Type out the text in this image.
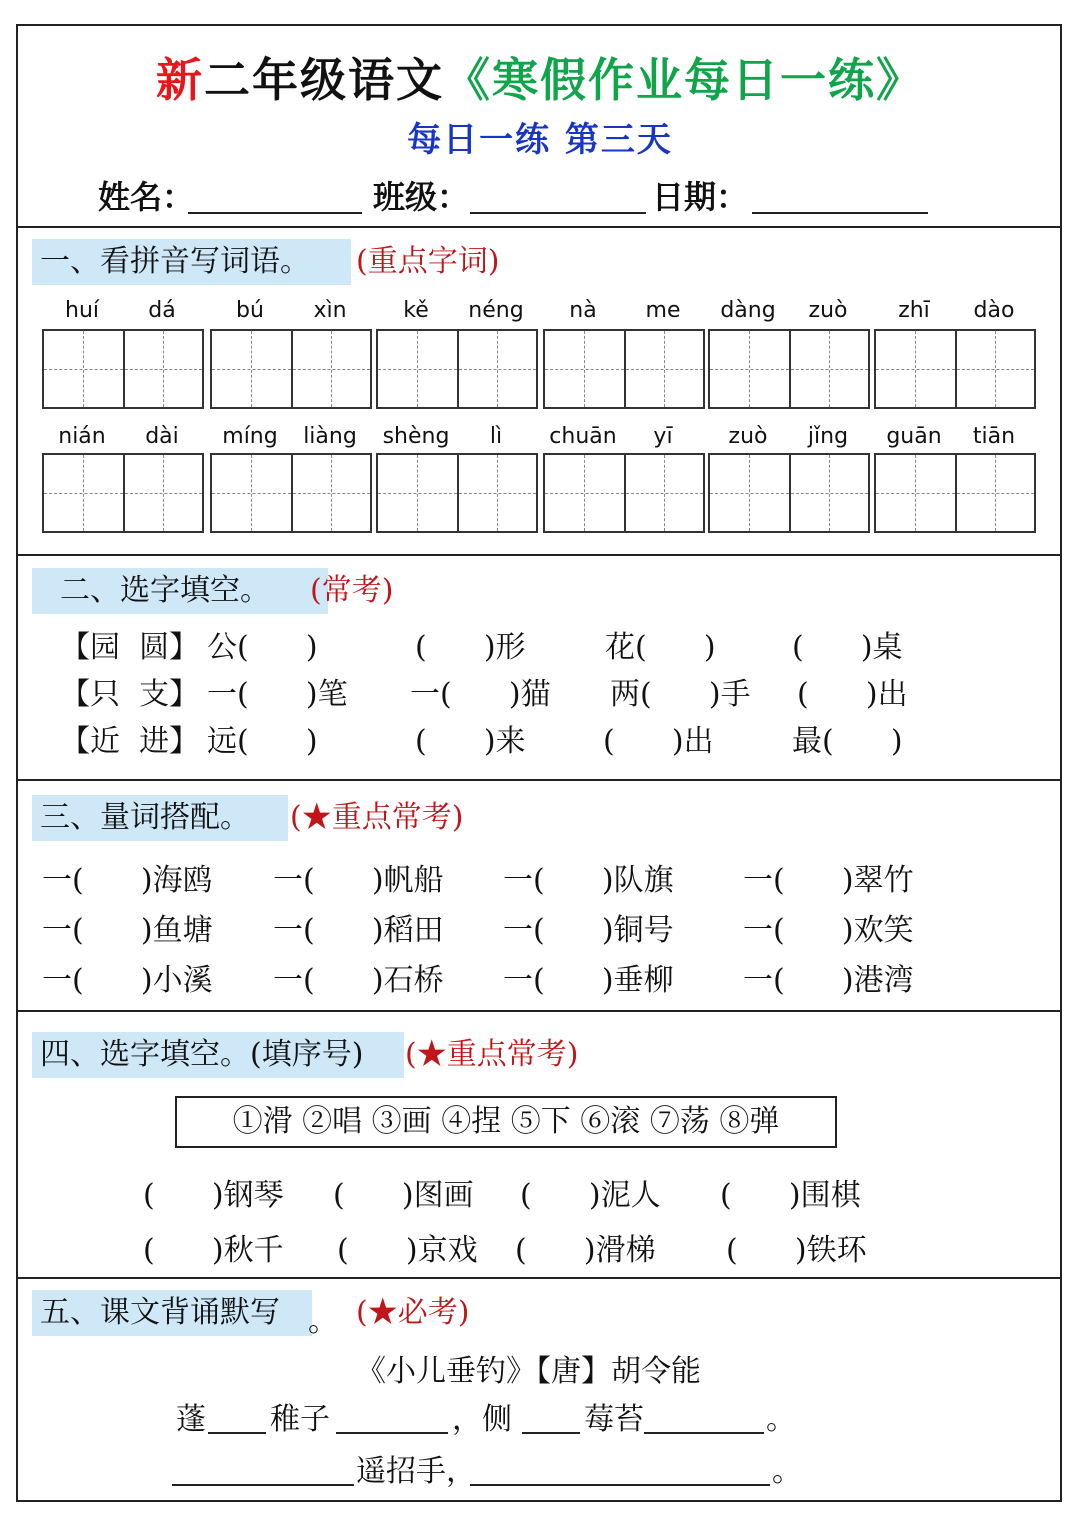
新二年级语文《寒假作业每日一练》
每日一练 第三天
姓名：	班级：	日期：
一、看拼音写词语。	(重点字词)
huí	dá	bú	xìn	kě	néng	nà	me	dàng	zuò	zhī	dào
nián	dài	míng	liàng	shèng	lì	chuān	yī	zuò	jǐng	guān	tiān
二、选字填空。	(常考)
【园  圆】 公(      )	(      )形	花(      )	(      )桌
【只  支】 一(      )笔 一(      )猫 两(      )手 (      )出
【近  进】 远(      )	(      )来	(      )出	最(      )
三、量词搭配。	(★重点常考)
一(      )海鸥 一(      )帆船 一(      )队旗 一(      )翠竹
一(      )鱼塘 一(      )稻田 一(      )铜号 一(      )欢笑
一(      )小溪 一(      )石桥 一(      )垂柳 一(      )港湾
四、选字填空。(填序号)	(★重点常考)
①滑 ②唱 ③画 ④捏 ⑤下 ⑥滚 ⑦荡 ⑧弹
(      )钢琴 (      )图画 (      )泥人 (      )围棋
(      )秋千 (      )京戏 (      )滑梯 (      )铁环
五、课文背诵默写 。 (★必考)
《小儿垂钓》【唐】胡令能
蓬 稚子	，侧 莓苔	。
遥招手，	。
